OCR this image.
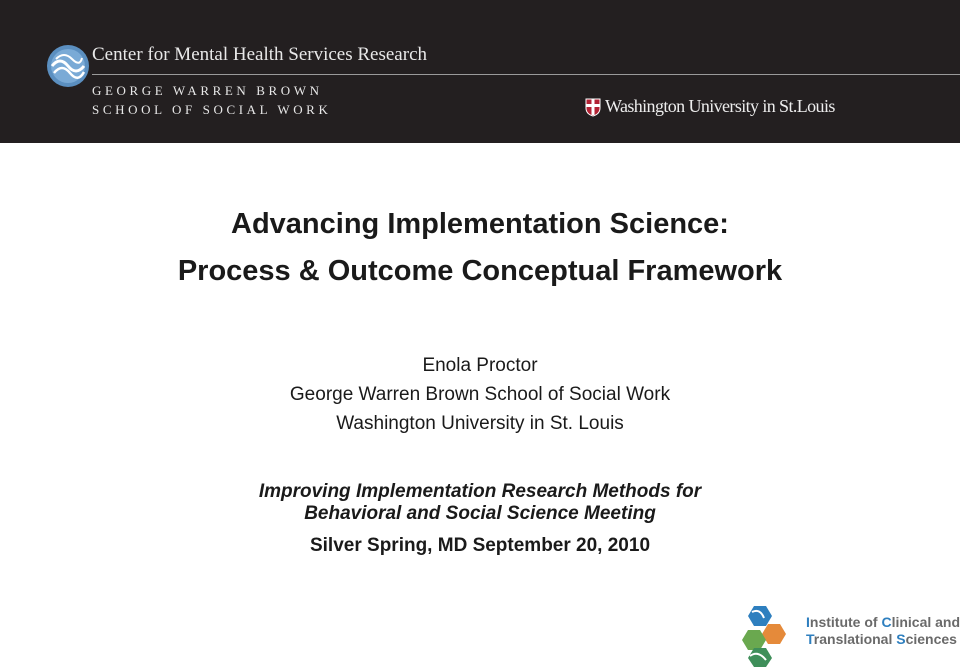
Center for Mental Health Services Research
GEORGE WARREN BROWN
SCHOOL OF SOCIAL WORK	Washington University in St.Louis
Advancing Implementation Science:
Process & Outcome Conceptual Framework
Enola Proctor
George Warren Brown School of Social Work
Washington University in St. Louis
Improving Implementation Research Methods for
Behavioral and Social Science Meeting
Silver Spring, MD September 20, 2010
Institute of Clinical and
Translational Sciences
